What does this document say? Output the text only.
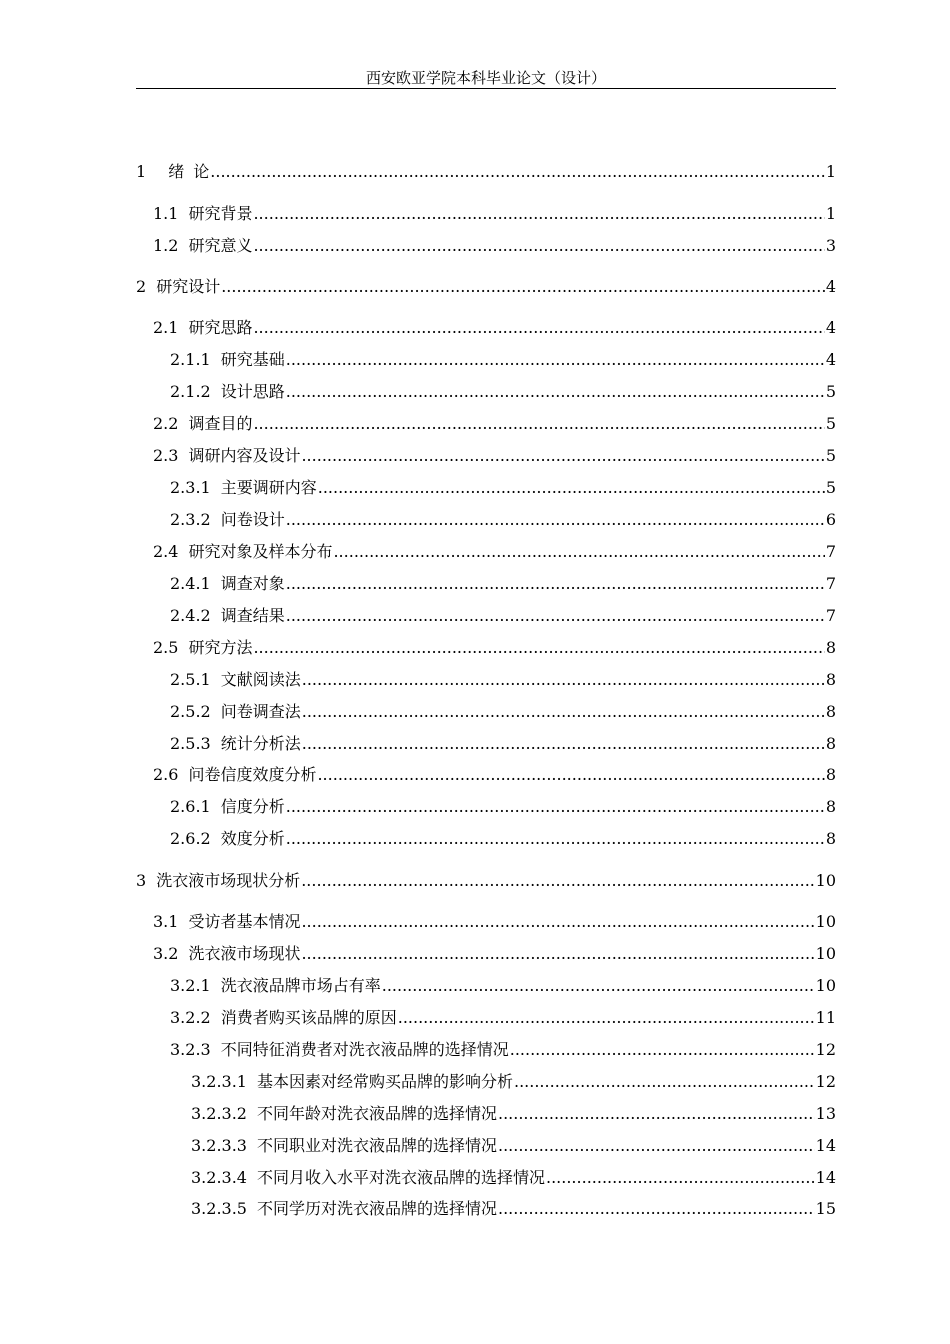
西安欧亚学院本科毕业论文（设计）
1 绪 论 .....	1
1.1 研究背景 .....	1
1.2 研究意义 .....	3
2 研究设计 .....	4
2.1 研究思路 .....	4
2.1.1 研究基础 .....	4
2.1.2 设计思路 .....	5
2.2 调查目的 .....	5
2.3 调研内容及设计 .....	5
2.3.1 主要调研内容 .....	5
2.3.2 问卷设计 .....	6
2.4 研究对象及样本分布 .....	7
2.4.1 调查对象 .....	7
2.4.2 调查结果 .....	7
2.5 研究方法 .....	8
2.5.1 文献阅读法 .....	8
2.5.2 问卷调查法 .....	8
2.5.3 统计分析法 .....	8
2.6 问卷信度效度分析 .....	8
2.6.1 信度分析 .....	8
2.6.2 效度分析 .....	8
3 洗衣液市场现状分析 .....	10
3.1 受访者基本情况 .....	10
3.2 洗衣液市场现状 .....	10
3.2.1 洗衣液品牌市场占有率 .....	10
3.2.2 消费者购买该品牌的原因 .....	11
3.2.3 不同特征消费者对洗衣液品牌的选择情况 .....	12
3.2.3.1 基本因素对经常购买品牌的影响分析 .....	12
3.2.3.2 不同年龄对洗衣液品牌的选择情况 .....	13
3.2.3.3 不同职业对洗衣液品牌的选择情况 .....	14
3.2.3.4 不同月收入水平对洗衣液品牌的选择情况 .....	14
3.2.3.5 不同学历对洗衣液品牌的选择情况 .....	15
